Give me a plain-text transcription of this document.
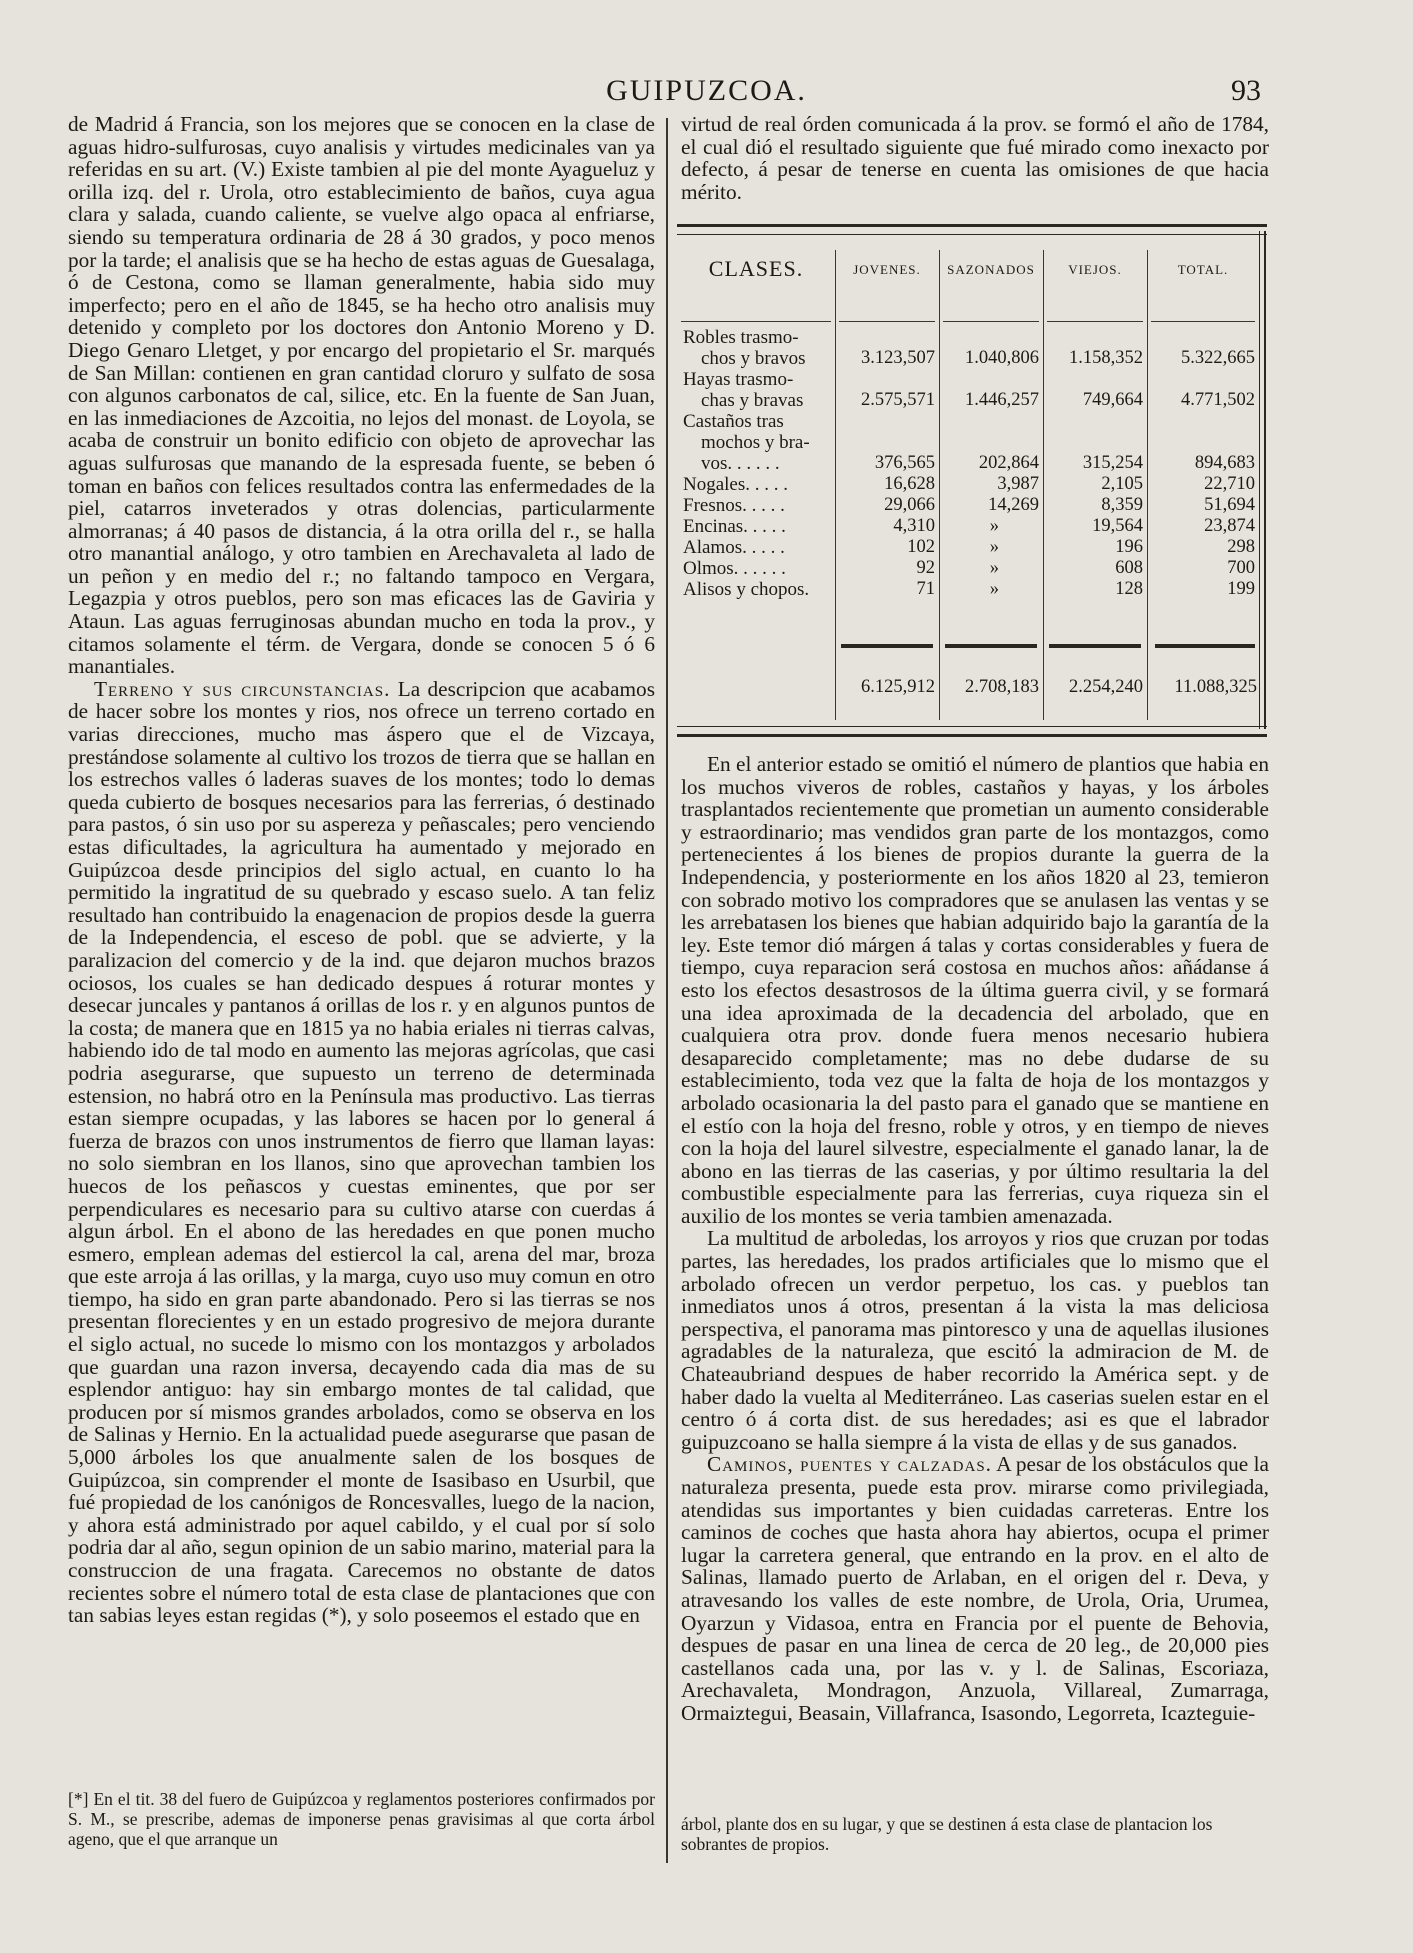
GUIPUZCOA.	93

de Madrid á Francia, son los mejores que se conocen en la clase de aguas hidro-sulfurosas, cuyo analisis y virtudes medicinales van ya referidas en su art. (V.) Existe tambien al pie del monte Ayagueluz y orilla izq. del r. Urola, otro establecimiento de baños, cuya agua clara y salada, cuando caliente, se vuelve algo opaca al enfriarse, siendo su temperatura ordinaria de 28 á 30 grados, y poco menos por la tarde; el analisis que se ha hecho de estas aguas de Guesalaga, ó de Cestona, como se llaman generalmente, habia sido muy imperfecto; pero en el año de 1845, se ha hecho otro analisis muy detenido y completo por los doctores don Antonio Moreno y D. Diego Genaro Lletget, y por encargo del propietario el Sr. marqués de San Millan: contienen en gran cantidad cloruro y sulfato de sosa con algunos carbonatos de cal, silice, etc. En la fuente de San Juan, en las inmediaciones de Azcoitia, no lejos del monast. de Loyola, se acaba de construir un bonito edificio con objeto de aprovechar las aguas sulfurosas que manando de la espresada fuente, se beben ó toman en baños con felices resultados contra las enfermedades de la piel, catarros inveterados y otras dolencias, particularmente almorranas; á 40 pasos de distancia, á la otra orilla del r., se halla otro manantial análogo, y otro tambien en Arechavaleta al lado de un peñon y en medio del r.; no faltando tampoco en Vergara, Legazpia y otros pueblos, pero son mas eficaces las de Gaviria y Ataun. Las aguas ferruginosas abundan mucho en toda la prov., y citamos solamente el térm. de Vergara, donde se conocen 5 ó 6 manantiales.

Terreno y sus circunstancias. La descripcion que acabamos de hacer sobre los montes y rios, nos ofrece un terreno cortado en varias direcciones, mucho mas áspero que el de Vizcaya, prestándose solamente al cultivo los trozos de tierra que se hallan en los estrechos valles ó laderas suaves de los montes; todo lo demas queda cubierto de bosques necesarios para las ferrerias, ó destinado para pastos, ó sin uso por su aspereza y peñascales; pero venciendo estas dificultades, la agricultura ha aumentado y mejorado en Guipúzcoa desde principios del siglo actual, en cuanto lo ha permitido la ingratitud de su quebrado y escaso suelo. A tan feliz resultado han contribuido la enagenacion de propios desde la guerra de la Independencia, el esceso de pobl. que se advierte, y la paralizacion del comercio y de la ind. que dejaron muchos brazos ociosos, los cuales se han dedicado despues á roturar montes y desecar juncales y pantanos á orillas de los r. y en algunos puntos de la costa; de manera que en 1815 ya no habia eriales ni tierras calvas, habiendo ido de tal modo en aumento las mejoras agrícolas, que casi podria asegurarse, que supuesto un terreno de determinada estension, no habrá otro en la Península mas productivo. Las tierras estan siempre ocupadas, y las labores se hacen por lo general á fuerza de brazos con unos instrumentos de fierro que llaman layas: no solo siembran en los llanos, sino que aprovechan tambien los huecos de los peñascos y cuestas eminentes, que por ser perpendiculares es necesario para su cultivo atarse con cuerdas á algun árbol. En el abono de las heredades en que ponen mucho esmero, emplean ademas del estiercol la cal, arena del mar, broza que este arroja á las orillas, y la marga, cuyo uso muy comun en otro tiempo, ha sido en gran parte abandonado. Pero si las tierras se nos presentan florecientes y en un estado progresivo de mejora durante el siglo actual, no sucede lo mismo con los montazgos y arbolados que guardan una razon inversa, decayendo cada dia mas de su esplendor antiguo: hay sin embargo montes de tal calidad, que producen por sí mismos grandes arbolados, como se observa en los de Salinas y Hernio. En la actualidad puede asegurarse que pasan de 5,000 árboles los que anualmente salen de los bosques de Guipúzcoa, sin comprender el monte de Isasibaso en Usurbil, que fué propiedad de los canónigos de Roncesvalles, luego de la nacion, y ahora está administrado por aquel cabildo, y el cual por sí solo podria dar al año, segun opinion de un sabio marino, material para la construccion de una fragata. Carecemos no obstante de datos recientes sobre el número total de esta clase de plantaciones que con tan sabias leyes estan regidas (*), y solo poseemos el estado que en

virtud de real órden comunicada á la prov. se formó el año de 1784, el cual dió el resultado siguiente que fué mirado como inexacto por defecto, á pesar de tenerse en cuenta las omisiones de que hacia mérito.

CLASES.	JOVENES.	SAZONADOS	VIEJOS.	TOTAL.
Robles trasmo-
chos y bravos	3.123,507	1.040,806	1.158,352	5.322,665
Hayas trasmo-
chas y bravas	2.575,571	1.446,257	749,664	4.771,502
Castaños tras
mochos y bra-
vos. . . . . .	376,565	202,864	315,254	894,683
Nogales. . . . .	16,628	3,987	2,105	22,710
Fresnos. . . . .	29,066	14,269	8,359	51,694
Encinas. . . . .	4,310	»	19,564	23,874
Alamos. . . . .	102	»	196	298
Olmos. . . . . .	92	»	608	700
Alisos y chopos.	71	»	128	199
6.125,912	2.708,183	2.254,240	11.088,325

En el anterior estado se omitió el número de plantios que habia en los muchos viveros de robles, castaños y hayas, y los árboles trasplantados recientemente que prometian un aumento considerable y estraordinario; mas vendidos gran parte de los montazgos, como pertenecientes á los bienes de propios durante la guerra de la Independencia, y posteriormente en los años 1820 al 23, temieron con sobrado motivo los compradores que se anulasen las ventas y se les arrebatasen los bienes que habian adquirido bajo la garantía de la ley. Este temor dió márgen á talas y cortas considerables y fuera de tiempo, cuya reparacion será costosa en muchos años: añádanse á esto los efectos desastrosos de la última guerra civil, y se formará una idea aproximada de la decadencia del arbolado, que en cualquiera otra prov. donde fuera menos necesario hubiera desaparecido completamente; mas no debe dudarse de su establecimiento, toda vez que la falta de hoja de los montazgos y arbolado ocasionaria la del pasto para el ganado que se mantiene en el estío con la hoja del fresno, roble y otros, y en tiempo de nieves con la hoja del laurel silvestre, especialmente el ganado lanar, la de abono en las tierras de las caserias, y por último resultaria la del combustible especialmente para las ferrerias, cuya riqueza sin el auxilio de los montes se veria tambien amenazada.

La multitud de arboledas, los arroyos y rios que cruzan por todas partes, las heredades, los prados artificiales que lo mismo que el arbolado ofrecen un verdor perpetuo, los cas. y pueblos tan inmediatos unos á otros, presentan á la vista la mas deliciosa perspectiva, el panorama mas pintoresco y una de aquellas ilusiones agradables de la naturaleza, que escitó la admiracion de M. de Chateaubriand despues de haber recorrido la América sept. y de haber dado la vuelta al Mediterráneo. Las caserias suelen estar en el centro ó á corta dist. de sus heredades; asi es que el labrador guipuzcoano se halla siempre á la vista de ellas y de sus ganados.

Caminos, puentes y calzadas. A pesar de los obstáculos que la naturaleza presenta, puede esta prov. mirarse como privilegiada, atendidas sus importantes y bien cuidadas carreteras. Entre los caminos de coches que hasta ahora hay abiertos, ocupa el primer lugar la carretera general, que entrando en la prov. en el alto de Salinas, llamado puerto de Arlaban, en el origen del r. Deva, y atravesando los valles de este nombre, de Urola, Oria, Urumea, Oyarzun y Vidasoa, entra en Francia por el puente de Behovia, despues de pasar en una linea de cerca de 20 leg., de 20,000 pies castellanos cada una, por las v. y l. de Salinas, Escoriaza, Arechavaleta, Mondragon, Anzuola, Villareal, Zumarraga, Ormaiztegui, Beasain, Villafranca, Isasondo, Legorreta, Icazteguie-

[*] En el tit. 38 del fuero de Guipúzcoa y reglamentos posteriores confirmados por S. M., se prescribe, ademas de imponerse penas gravisimas al que corta árbol ageno, que el que arranque un
árbol, plante dos en su lugar, y que se destinen á esta clase de plantacion los sobrantes de propios.
